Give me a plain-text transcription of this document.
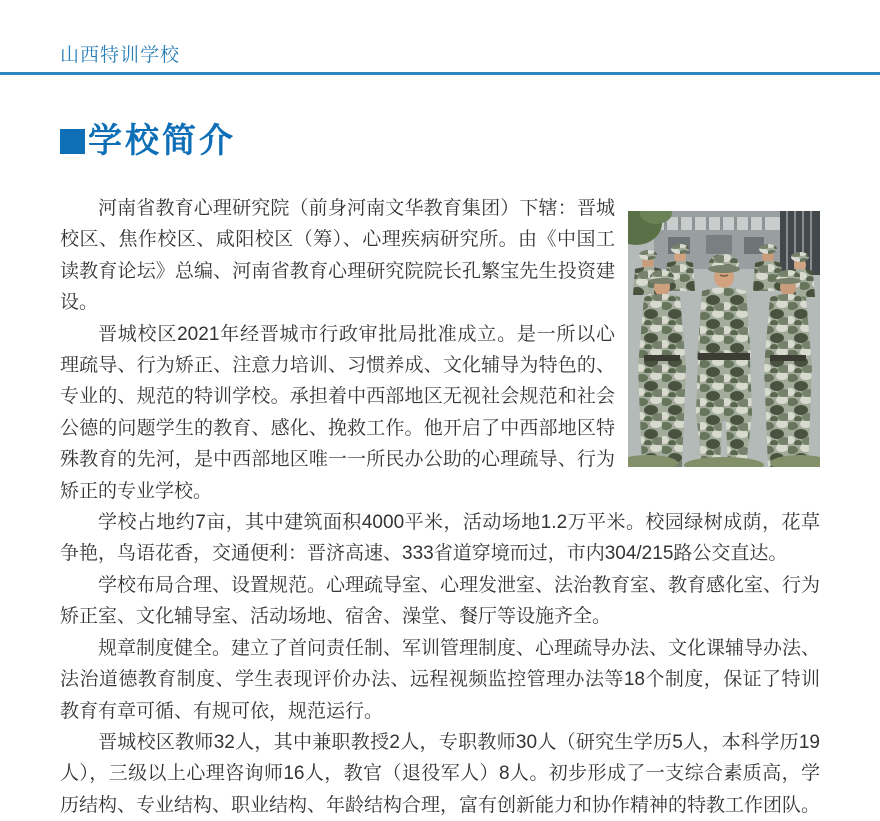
山西特训学校
学校简介

河南省教育心理研究院（前身河南文华教育集团）下辖：晋城校区、焦作校区、咸阳校区（筹）、心理疾病研究所。由《中国工读教育论坛》总编、河南省教育心理研究院院长孔繁宝先生投资建设。

晋城校区2021年经晋城市行政审批局批准成立。是一所以心理疏导、行为矫正、注意力培训、习惯养成、文化辅导为特色的、专业的、规范的特训学校。承担着中西部地区无视社会规范和社会公德的问题学生的教育、感化、挽救工作。他开启了中西部地区特殊教育的先河，是中西部地区唯一一所民办公助的心理疏导、行为矫正的专业学校。

学校占地约7亩，其中建筑面积4000平米，活动场地1.2万平米。校园绿树成荫，花草争艳，鸟语花香，交通便利：晋济高速、333省道穿境而过，市内304/215路公交直达。

学校布局合理、设置规范。心理疏导室、心理发泄室、法治教育室、教育感化室、行为矫正室、文化辅导室、活动场地、宿舍、澡堂、餐厅等设施齐全。

规章制度健全。建立了首问责任制、军训管理制度、心理疏导办法、文化课辅导办法、法治道德教育制度、学生表现评价办法、远程视频监控管理办法等18个制度，保证了特训教育有章可循、有规可依，规范运行。

晋城校区教师32人，其中兼职教授2人，专职教师30人（研究生学历5人，本科学历19人），三级以上心理咨询师16人，教官（退役军人）8人。初步形成了一支综合素质高，学历结构、专业结构、职业结构、年龄结构合理，富有创新能力和协作精神的特教工作团队。
